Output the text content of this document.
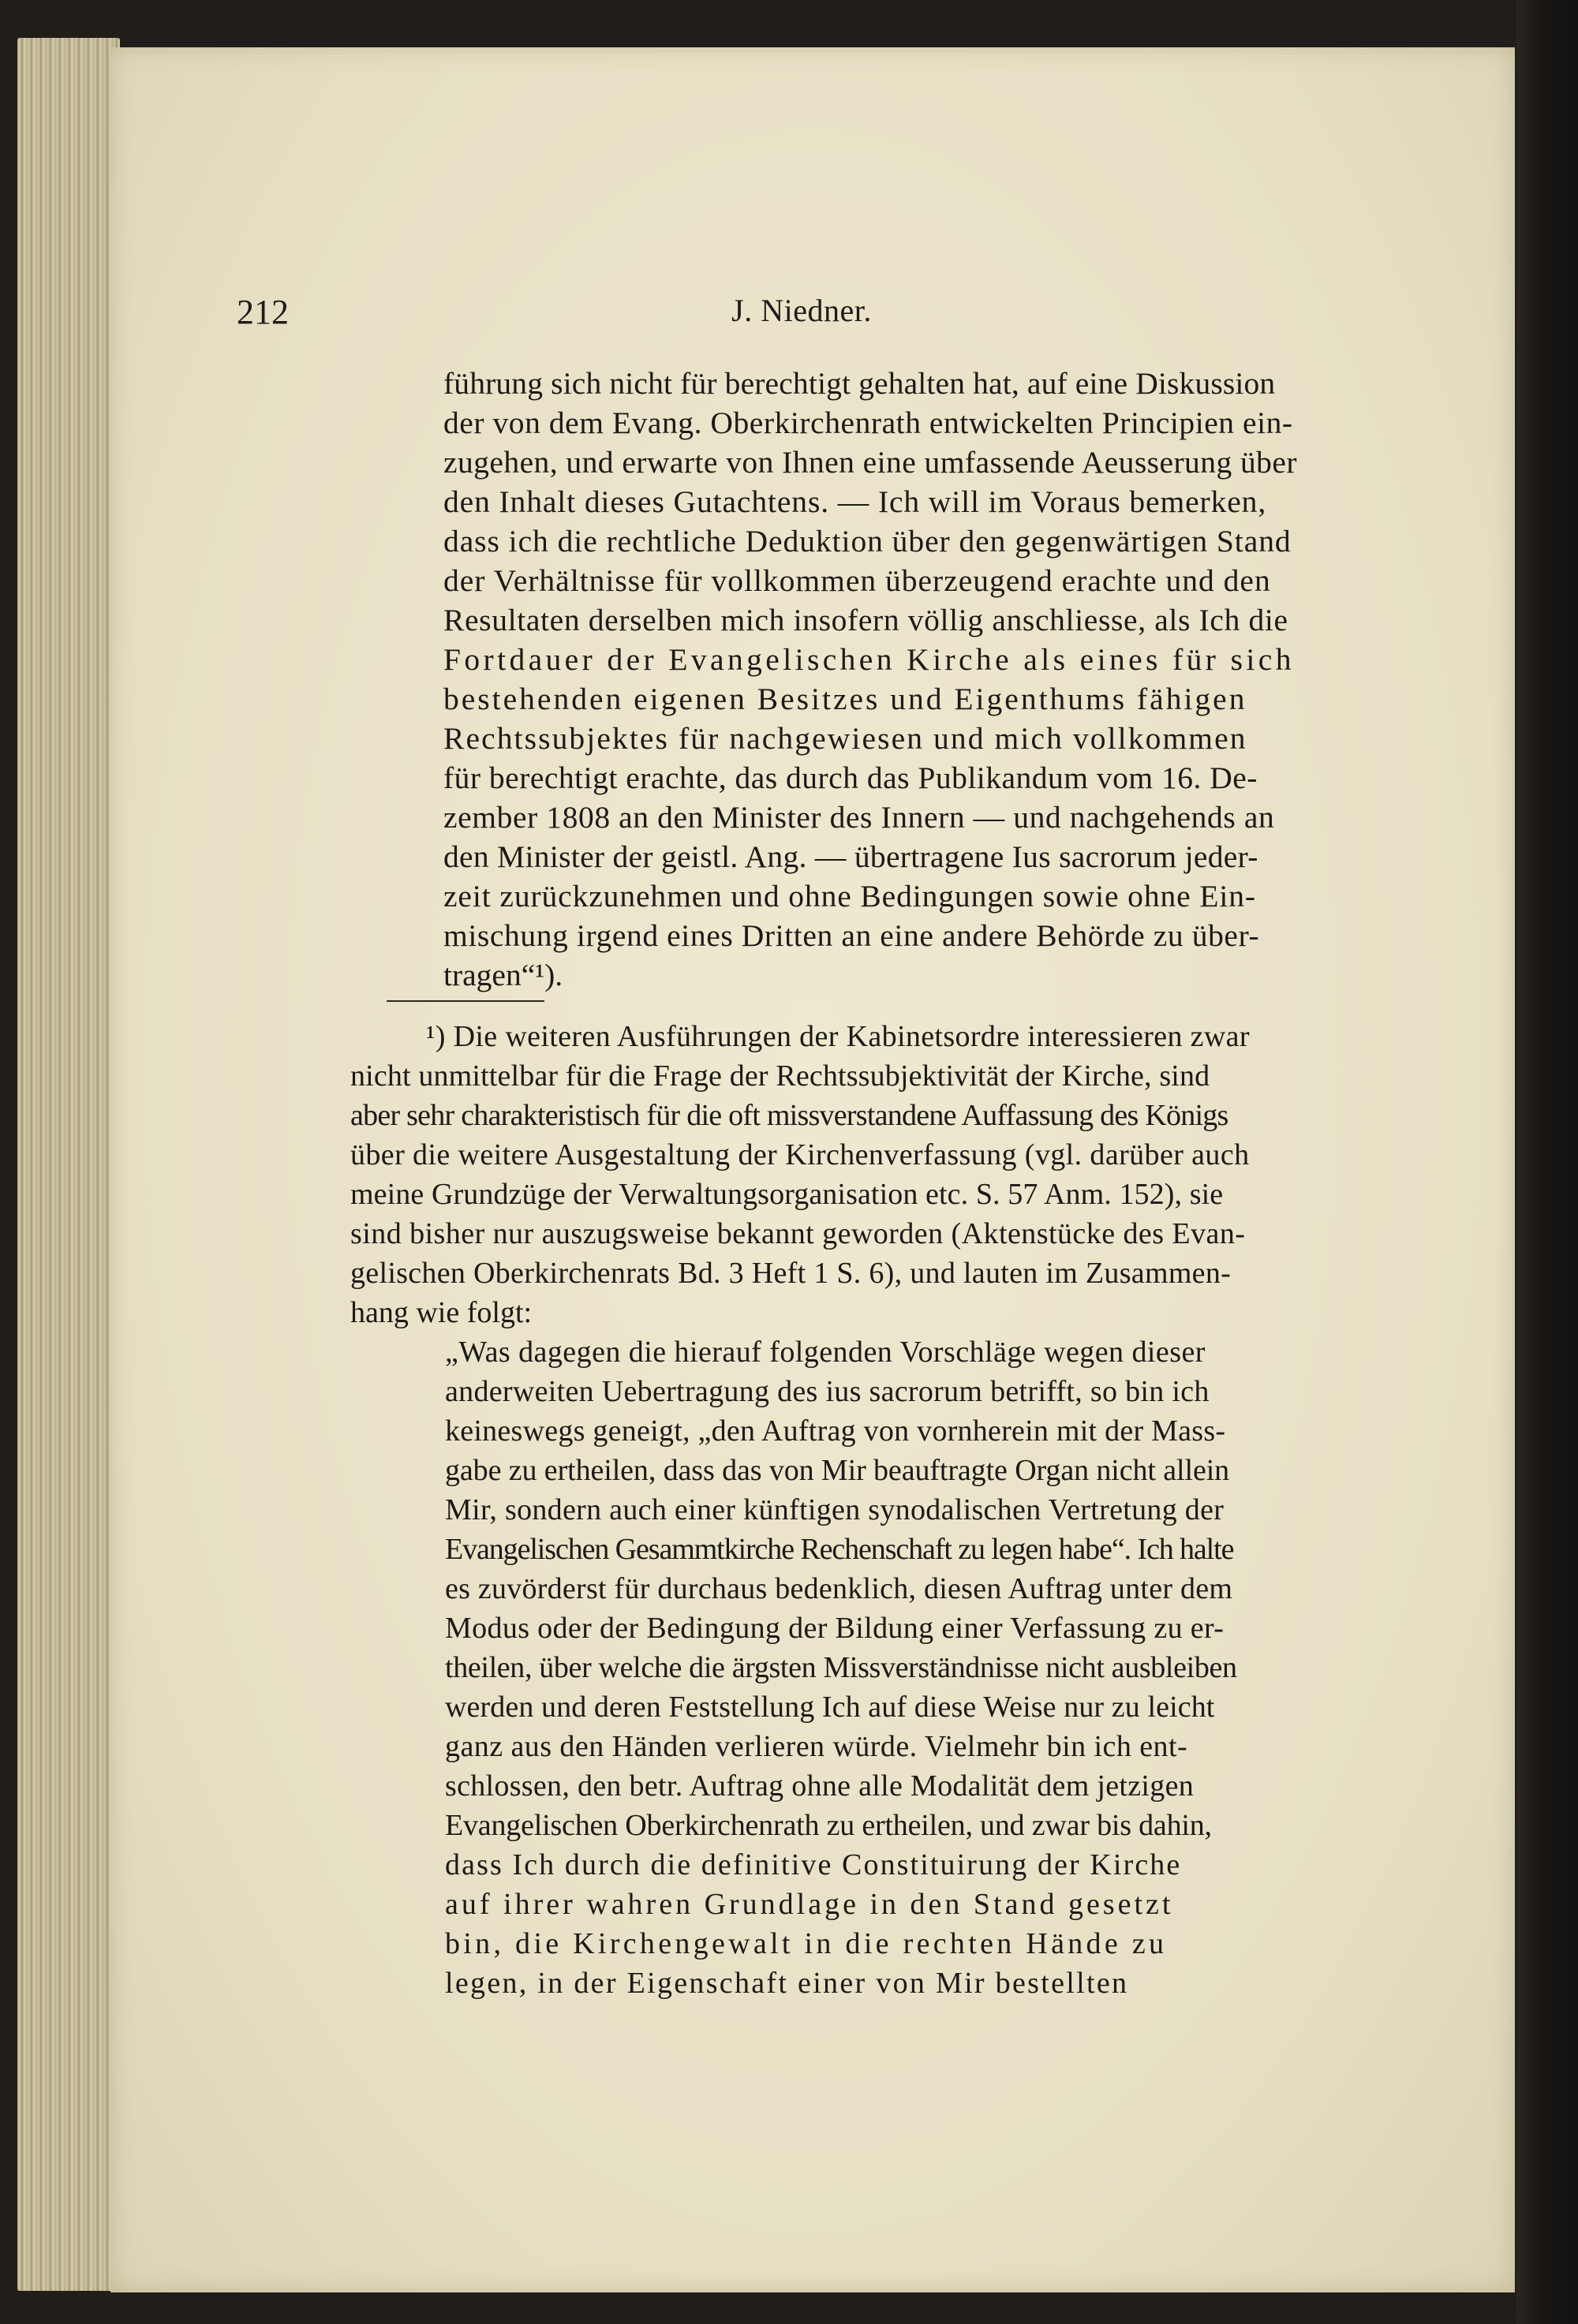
212	J. Niedner.
führung sich nicht für berechtigt gehalten hat, auf eine Diskussion
der von dem Evang. Oberkirchenrath entwickelten Principien ein-
zugehen, und erwarte von Ihnen eine umfassende Aeusserung über
den Inhalt dieses Gutachtens. — Ich will im Voraus bemerken,
dass ich die rechtliche Deduktion über den gegenwärtigen Stand
der Verhältnisse für vollkommen überzeugend erachte und den
Resultaten derselben mich insofern völlig anschliesse, als Ich die
Fortdauer der Evangelischen Kirche als eines für sich
bestehenden eigenen Besitzes und Eigenthums fähigen
Rechtssubjektes für nachgewiesen und mich vollkommen
für berechtigt erachte, das durch das Publikandum vom 16. De-
zember 1808 an den Minister des Innern — und nachgehends an
den Minister der geistl. Ang. — übertragene Ius sacrorum jeder-
zeit zurückzunehmen und ohne Bedingungen sowie ohne Ein-
mischung irgend eines Dritten an eine andere Behörde zu über-
tragen“¹).
¹) Die weiteren Ausführungen der Kabinetsordre interessieren zwar
nicht unmittelbar für die Frage der Rechtssubjektivität der Kirche, sind
aber sehr charakteristisch für die oft missverstandene Auffassung des Königs
über die weitere Ausgestaltung der Kirchenverfassung (vgl. darüber auch
meine Grundzüge der Verwaltungsorganisation etc. S. 57 Anm. 152), sie
sind bisher nur auszugsweise bekannt geworden (Aktenstücke des Evan-
gelischen Oberkirchenrats Bd. 3 Heft 1 S. 6), und lauten im Zusammen-
hang wie folgt:
„Was dagegen die hierauf folgenden Vorschläge wegen dieser
anderweiten Uebertragung des ius sacrorum betrifft, so bin ich
keineswegs geneigt, „den Auftrag von vornherein mit der Mass-
gabe zu ertheilen, dass das von Mir beauftragte Organ nicht allein
Mir, sondern auch einer künftigen synodalischen Vertretung der
Evangelischen Gesammtkirche Rechenschaft zu legen habe“. Ich halte
es zuvörderst für durchaus bedenklich, diesen Auftrag unter dem
Modus oder der Bedingung der Bildung einer Verfassung zu er-
theilen, über welche die ärgsten Missverständnisse nicht ausbleiben
werden und deren Feststellung Ich auf diese Weise nur zu leicht
ganz aus den Händen verlieren würde. Vielmehr bin ich ent-
schlossen, den betr. Auftrag ohne alle Modalität dem jetzigen
Evangelischen Oberkirchenrath zu ertheilen, und zwar bis dahin,
dass Ich durch die definitive Constituirung der Kirche
auf ihrer wahren Grundlage in den Stand gesetzt
bin, die Kirchengewalt in die rechten Hände zu
legen, in der Eigenschaft einer von Mir bestellten
